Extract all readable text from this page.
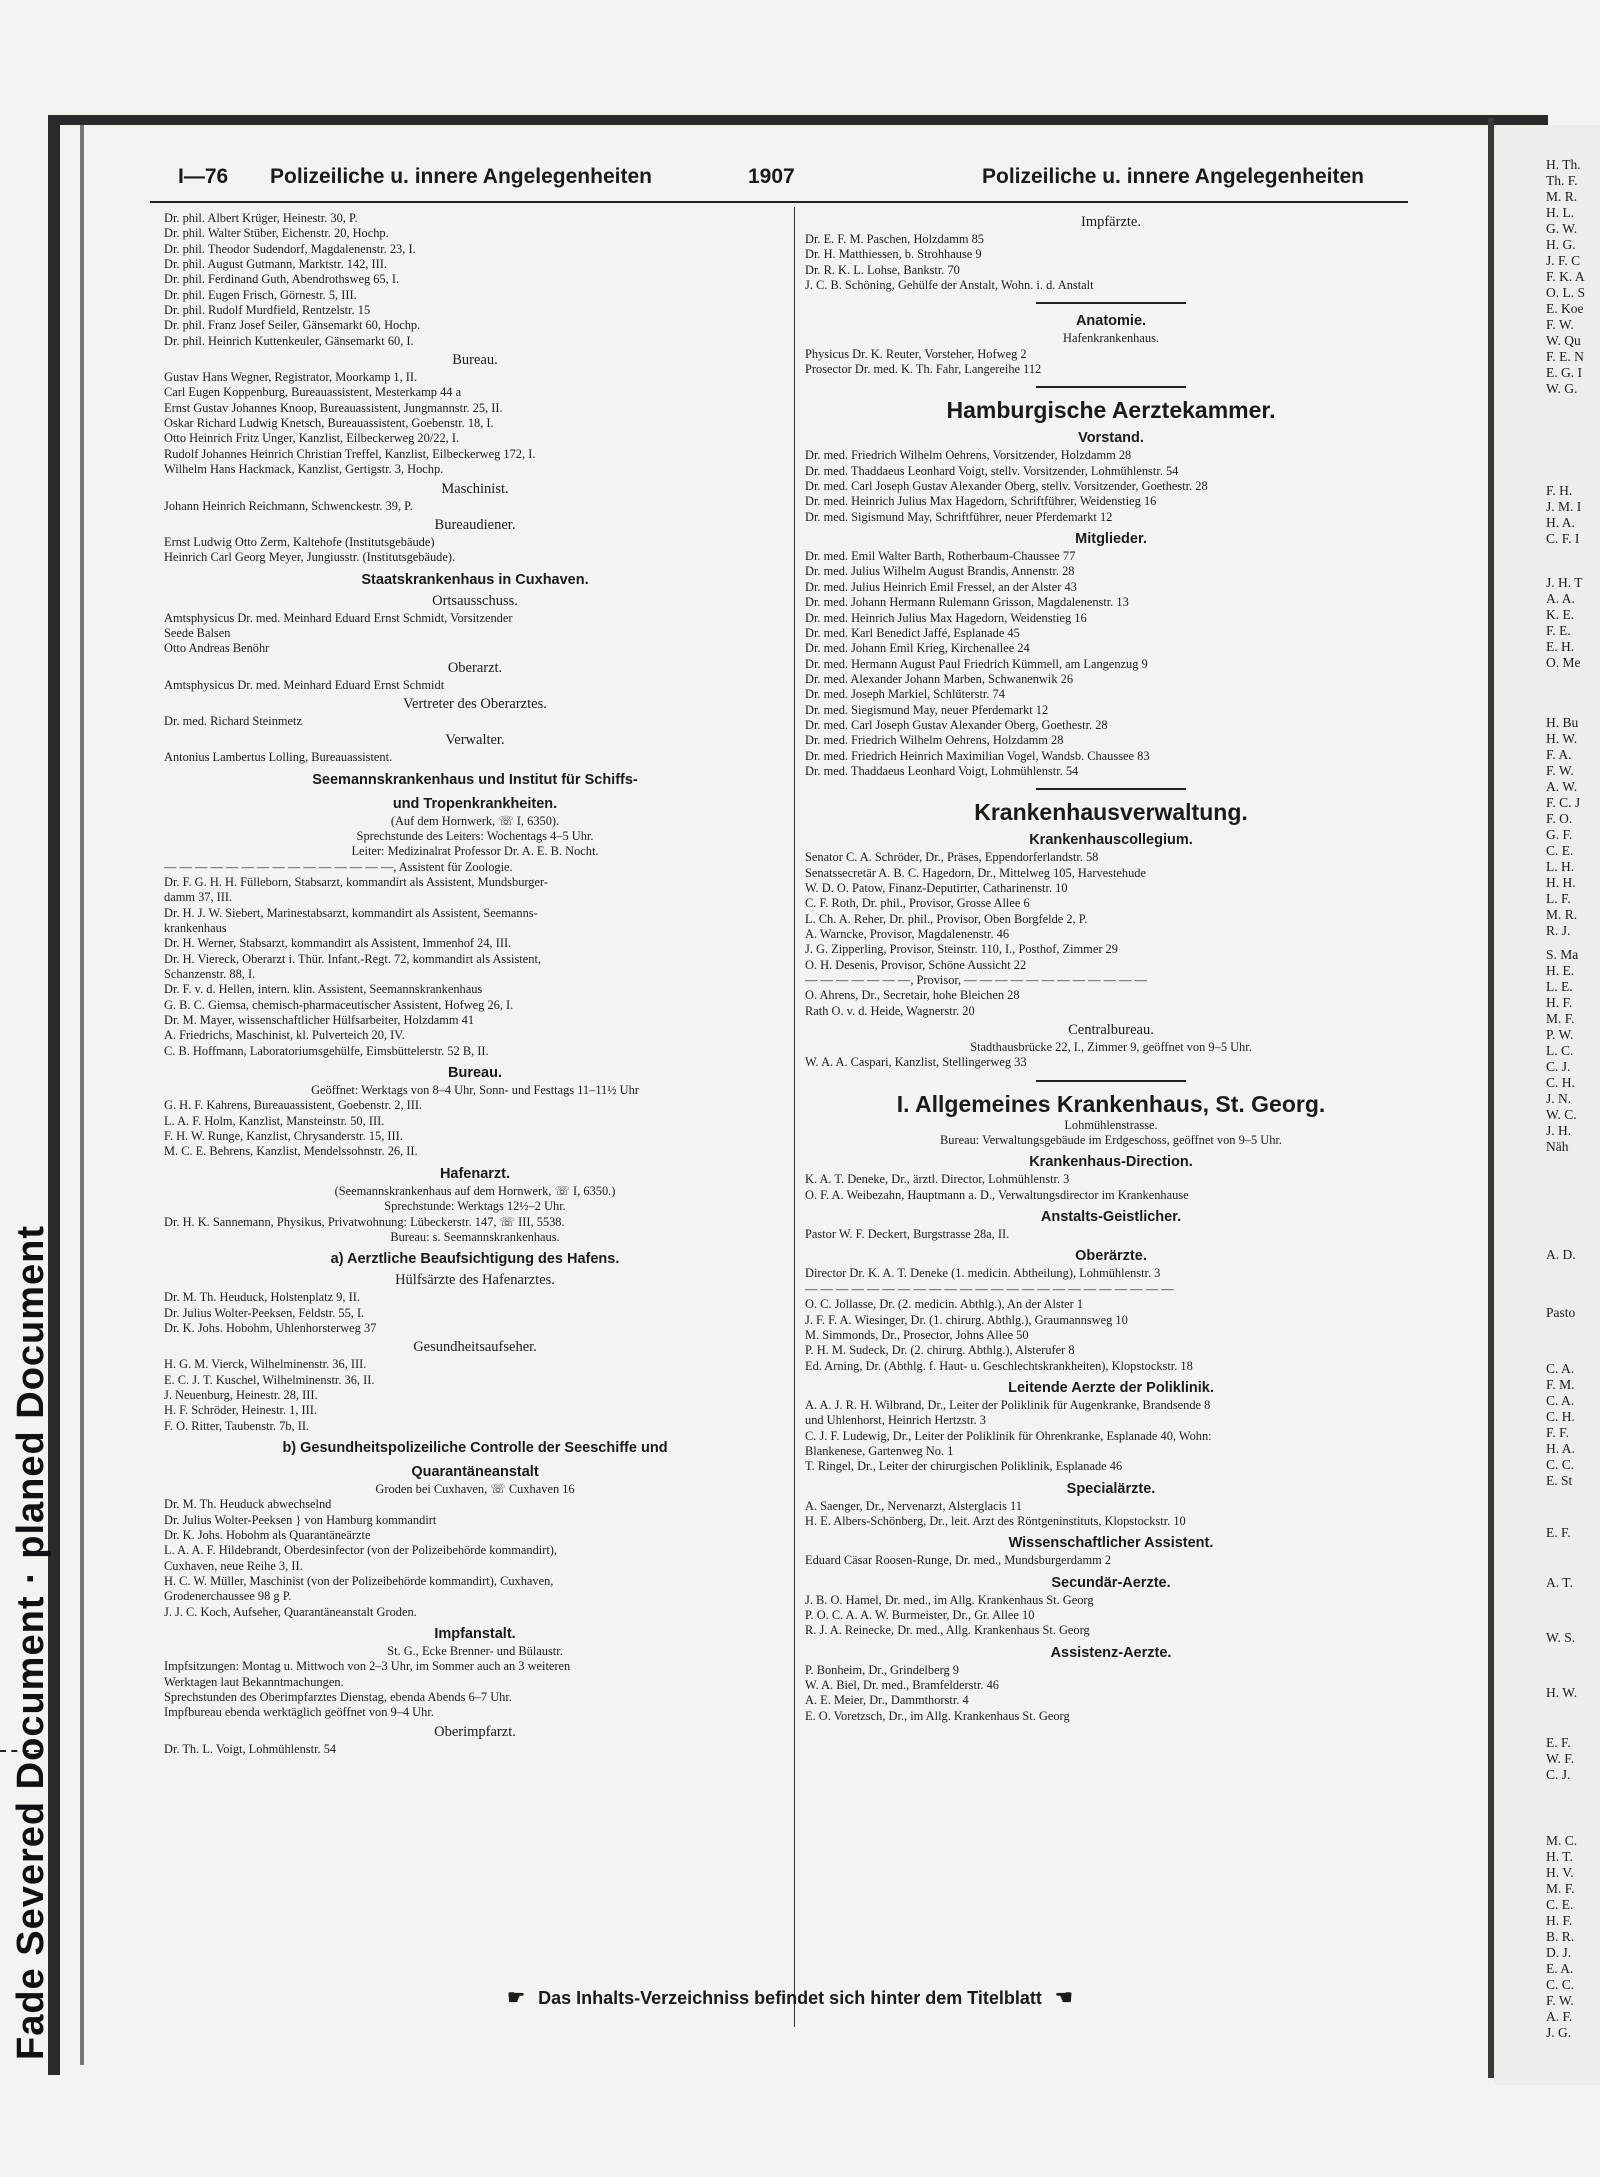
Fade Severed Document · planed Document
H. Th.
Th. F.
M. R.
H. L.
G. W.
H. G.
J. F. C
F. K. A
O. L. S
E. Koe
F. W.
W. Qu
F. E. N
E. G. I
W. G.
F. H.
J. M. I
H. A.
C. F. I
J. H. T
A. A.
K. E.
F. E.
E. H.
O. Me
H. Bu
H. W.
F. A.
F. W.
A. W.
F. C. J
F. O.
G. F.
C. E.
L. H.
H. H.
L. F.
M. R.
R. J.
S. Ma
H. E.
L. E.
H. F.
M. F.
P. W.
L. C.
C. J.
C. H.
J. N.
W. C.
J. H.
Näh
A. D.
Pasto
C. A.
F. M.
C. A.
C. H.
F. F.
H. A.
C. C.
E. St
E. F.
A. T.
W. S.
H. W.
E. F.
W. F.
C. J.
M. C.
H. T.
H. V.
M. F.
C. E.
H. F.
B. R.
D. J.
E. A.
C. C.
F. W.
A. F.
J. G.
I—76 Polizeiliche u. innere Angelegenheiten	1907	Polizeiliche u. innere Angelegenheiten
Dr. phil. Albert Krüger, Heinestr. 30, P.
Dr. phil. Walter Stüber, Eichenstr. 20, Hochp.
Dr. phil. Theodor Sudendorf, Magdalenenstr. 23, I.
Dr. phil. August Gutmann, Marktstr. 142, III.
Dr. phil. Ferdinand Guth, Abendrothsweg 65, I.
Dr. phil. Eugen Frisch, Görnestr. 5, III.
Dr. phil. Rudolf Murdfield, Rentzelstr. 15
Dr. phil. Franz Josef Seiler, Gänsemarkt 60, Hochp.
Dr. phil. Heinrich Kuttenkeuler, Gänsemarkt 60, I.
Bureau.
Gustav Hans Wegner, Registrator, Moorkamp 1, II.
Carl Eugen Koppenburg, Bureauassistent, Mesterkamp 44 a
Ernst Gustav Johannes Knoop, Bureauassistent, Jungmannstr. 25, II.
Oskar Richard Ludwig Knetsch, Bureauassistent, Goebenstr. 18, I.
Otto Heinrich Fritz Unger, Kanzlist, Eilbeckerweg 20/22, I.
Rudolf Johannes Heinrich Christian Treffel, Kanzlist, Eilbeckerweg 172, I.
Wilhelm Hans Hackmack, Kanzlist, Gertigstr. 3, Hochp.
Maschinist.
Johann Heinrich Reichmann, Schwenckestr. 39, P.
Bureaudiener.
Ernst Ludwig Otto Zerm, Kaltehofe (Institutsgebäude)
Heinrich Carl Georg Meyer, Jungiusstr. (Institutsgebäude).
Staatskrankenhaus in Cuxhaven.
Ortsausschuss.
Amtsphysicus Dr. med. Meinhard Eduard Ernst Schmidt, Vorsitzender
Seede Balsen
Otto Andreas Benöhr
Oberarzt.
Amtsphysicus Dr. med. Meinhard Eduard Ernst Schmidt
Vertreter des Oberarztes.
Dr. med. Richard Steinmetz
Verwalter.
Antonius Lambertus Lolling, Bureauassistent.
Seemannskrankenhaus und Institut für Schiffs-
und Tropenkrankheiten.
(Auf dem Hornwerk, ☏ I, 6350).
Sprechstunde des Leiters: Wochentags 4–5 Uhr.
Leiter: Medizinalrat Professor Dr. A. E. B. Nocht.
— — — — — — — — — — — — — — —, Assistent für Zoologie.
Dr. F. G. H. H. Fülleborn, Stabsarzt, kommandirt als Assistent, Mundsburger-
damm 37, III.
Dr. H. J. W. Siebert, Marinestabsarzt, kommandirt als Assistent, Seemanns-
krankenhaus
Dr. H. Werner, Stabsarzt, kommandirt als Assistent, Immenhof 24, III.
Dr. H. Viereck, Oberarzt i. Thür. Infant.-Regt. 72, kommandirt als Assistent,
Schanzenstr. 88, I.
Dr. F. v. d. Hellen, intern. klin. Assistent, Seemannskrankenhaus
G. B. C. Giemsa, chemisch-pharmaceutischer Assistent, Hofweg 26, I.
Dr. M. Mayer, wissenschaftlicher Hülfsarbeiter, Holzdamm 41
A. Friedrichs, Maschinist, kl. Pulverteich 20, IV.
C. B. Hoffmann, Laboratoriumsgehülfe, Eimsbüttelerstr. 52 B, II.
Bureau.
Geöffnet: Werktags von 8–4 Uhr, Sonn- und Festtags 11–11½ Uhr
G. H. F. Kahrens, Bureauassistent, Goebenstr. 2, III.
L. A. F. Holm, Kanzlist, Mansteinstr. 50, III.
F. H. W. Runge, Kanzlist, Chrysanderstr. 15, III.
M. C. E. Behrens, Kanzlist, Mendelssohnstr. 26, II.
Hafenarzt.
(Seemannskrankenhaus auf dem Hornwerk, ☏ I, 6350.)
Sprechstunde: Werktags 12½–2 Uhr.
Dr. H. K. Sannemann, Physikus, Privatwohnung: Lübeckerstr. 147, ☏ III, 5538.
Bureau: s. Seemannskrankenhaus.
a) Aerztliche Beaufsichtigung des Hafens.
Hülfsärzte des Hafenarztes.
Dr. M. Th. Heuduck, Holstenplatz 9, II.
Dr. Julius Wolter-Peeksen, Feldstr. 55, I.
Dr. K. Johs. Hobohm, Uhlenhorsterweg 37
Gesundheitsaufseher.
H. G. M. Vierck, Wilhelminenstr. 36, III.
E. C. J. T. Kuschel, Wilhelminenstr. 36, II.
J. Neuenburg, Heinestr. 28, III.
H. F. Schröder, Heinestr. 1, III.
F. O. Ritter, Taubenstr. 7b, II.
b) Gesundheitspolizeiliche Controlle der Seeschiffe und
Quarantäneanstalt
Groden bei Cuxhaven, ☏ Cuxhaven 16
Dr. M. Th. Heuduck abwechselnd
Dr. Julius Wolter-Peeksen } von Hamburg kommandirt
Dr. K. Johs. Hobohm als Quarantäneärzte
L. A. A. F. Hildebrandt, Oberdesinfector (von der Polizeibehörde kommandirt),
Cuxhaven, neue Reihe 3, II.
H. C. W. Müller, Maschinist (von der Polizeibehörde kommandirt), Cuxhaven,
Grodenerchaussee 98 g P.
J. J. C. Koch, Aufseher, Quarantäneanstalt Groden.
Impfanstalt.
St. G., Ecke Brenner- und Bülaustr.
Impfsitzungen: Montag u. Mittwoch von 2–3 Uhr, im Sommer auch an 3 weiteren
Werktagen laut Bekanntmachungen.
Sprechstunden des Oberimpfarztes Dienstag, ebenda Abends 6–7 Uhr.
Impfbureau ebenda werktäglich geöffnet von 9–4 Uhr.
Oberimpfarzt.
Dr. Th. L. Voigt, Lohmühlenstr. 54
Impfärzte.
Dr. E. F. M. Paschen, Holzdamm 85
Dr. H. Matthiessen, b. Strohhause 9
Dr. R. K. L. Lohse, Bankstr. 70
J. C. B. Schöning, Gehülfe der Anstalt, Wohn. i. d. Anstalt
Anatomie.
Hafenkrankenhaus.
Physicus Dr. K. Reuter, Vorsteher, Hofweg 2
Prosector Dr. med. K. Th. Fahr, Langereihe 112
Hamburgische Aerztekammer.
Vorstand.
Dr. med. Friedrich Wilhelm Oehrens, Vorsitzender, Holzdamm 28
Dr. med. Thaddaeus Leonhard Voigt, stellv. Vorsitzender, Lohmühlenstr. 54
Dr. med. Carl Joseph Gustav Alexander Oberg, stellv. Vorsitzender, Goethestr. 28
Dr. med. Heinrich Julius Max Hagedorn, Schriftführer, Weidenstieg 16
Dr. med. Sigismund May, Schriftführer, neuer Pferdemarkt 12
Mitglieder.
Dr. med. Emil Walter Barth, Rotherbaum-Chaussee 77
Dr. med. Julius Wilhelm August Brandis, Annenstr. 28
Dr. med. Julius Heinrich Emil Fressel, an der Alster 43
Dr. med. Johann Hermann Rulemann Grisson, Magdalenenstr. 13
Dr. med. Heinrich Julius Max Hagedorn, Weidenstieg 16
Dr. med. Karl Benedict Jaffé, Esplanade 45
Dr. med. Johann Emil Krieg, Kirchenallee 24
Dr. med. Hermann August Paul Friedrich Kümmell, am Langenzug 9
Dr. med. Alexander Johann Marben, Schwanenwik 26
Dr. med. Joseph Markiel, Schlüterstr. 74
Dr. med. Siegismund May, neuer Pferdemarkt 12
Dr. med. Carl Joseph Gustav Alexander Oberg, Goethestr. 28
Dr. med. Friedrich Wilhelm Oehrens, Holzdamm 28
Dr. med. Friedrich Heinrich Maximilian Vogel, Wandsb. Chaussee 83
Dr. med. Thaddaeus Leonhard Voigt, Lohmühlenstr. 54
Krankenhausverwaltung.
Krankenhauscollegium.
Senator C. A. Schröder, Dr., Präses, Eppendorferlandstr. 58
Senatssecretär A. B. C. Hagedorn, Dr., Mittelweg 105, Harvestehude
W. D. O. Patow, Finanz-Deputirter, Catharinenstr. 10
C. F. Roth, Dr. phil., Provisor, Grosse Allee 6
L. Ch. A. Reher, Dr. phil., Provisor, Oben Borgfelde 2, P.
A. Warncke, Provisor, Magdalenenstr. 46
J. G. Zipperling, Provisor, Steinstr. 110, I., Posthof, Zimmer 29
O. H. Desenis, Provisor, Schöne Aussicht 22
— — — — — — —, Provisor, — — — — — — — — — — — —
O. Ahrens, Dr., Secretair, hohe Bleichen 28
Rath O. v. d. Heide, Wagnerstr. 20
Centralbureau.
Stadthausbrücke 22, I., Zimmer 9, geöffnet von 9–5 Uhr.
W. A. A. Caspari, Kanzlist, Stellingerweg 33
I. Allgemeines Krankenhaus, St. Georg.
Lohmühlenstrasse.
Bureau: Verwaltungsgebäude im Erdgeschoss, geöffnet von 9–5 Uhr.
Krankenhaus-Direction.
K. A. T. Deneke, Dr., ärztl. Director, Lohmühlenstr. 3
O. F. A. Weibezahn, Hauptmann a. D., Verwaltungsdirector im Krankenhause
Anstalts-Geistlicher.
Pastor W. F. Deckert, Burgstrasse 28a, II.
Oberärzte.
Director Dr. K. A. T. Deneke (1. medicin. Abtheilung), Lohmühlenstr. 3
— — — — — — — — — — — — — — — — — — — — — — — —
O. C. Jollasse, Dr. (2. medicin. Abthlg.), An der Alster 1
J. F. F. A. Wiesinger, Dr. (1. chirurg. Abthlg.), Graumannsweg 10
M. Simmonds, Dr., Prosector, Johns Allee 50
P. H. M. Sudeck, Dr. (2. chirurg. Abthlg.), Alsterufer 8
Ed. Arning, Dr. (Abthlg. f. Haut- u. Geschlechtskrankheiten), Klopstockstr. 18
Leitende Aerzte der Poliklinik.
A. A. J. R. H. Wilbrand, Dr., Leiter der Poliklinik für Augenkranke, Brandsende 8
und Uhlenhorst, Heinrich Hertzstr. 3
C. J. F. Ludewig, Dr., Leiter der Poliklinik für Ohrenkranke, Esplanade 40, Wohn:
Blankenese, Gartenweg No. 1
T. Ringel, Dr., Leiter der chirurgischen Poliklinik, Esplanade 46
Specialärzte.
A. Saenger, Dr., Nervenarzt, Alsterglacis 11
H. E. Albers-Schönberg, Dr., leit. Arzt des Röntgeninstituts, Klopstockstr. 10
Wissenschaftlicher Assistent.
Eduard Cäsar Roosen-Runge, Dr. med., Mundsburgerdamm 2
Secundär-Aerzte.
J. B. O. Hamel, Dr. med., im Allg. Krankenhaus St. Georg
P. O. C. A. A. W. Burmeister, Dr., Gr. Allee 10
R. J. A. Reinecke, Dr. med., Allg. Krankenhaus St. Georg
Assistenz-Aerzte.
P. Bonheim, Dr., Grindelberg 9
W. A. Biel, Dr. med., Bramfelderstr. 46
A. E. Meier, Dr., Dammthorstr. 4
E. O. Voretzsch, Dr., im Allg. Krankenhaus St. Georg
☛ Das Inhalts-Verzeichniss befindet sich hinter dem Titelblatt ☚
